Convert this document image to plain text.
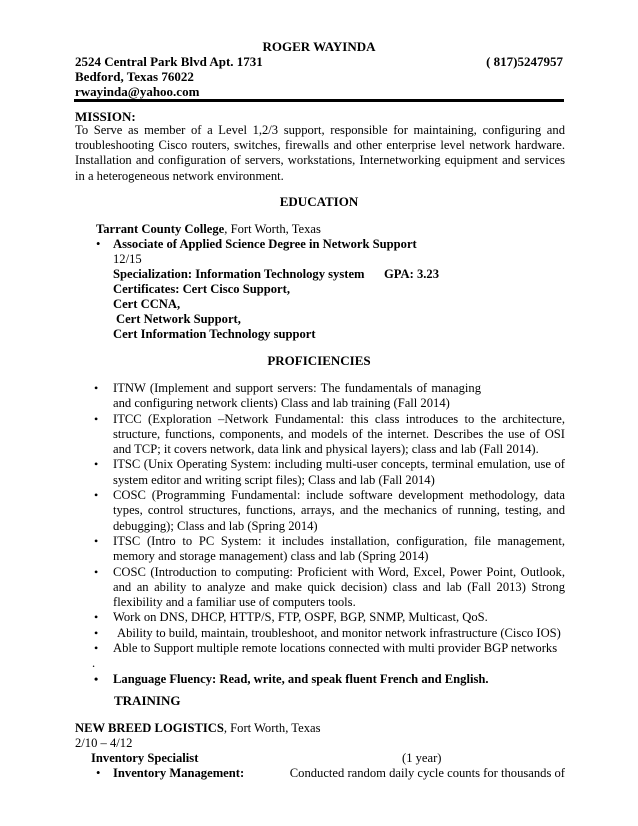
ROGER WAYINDA
2524 Central Park Blvd Apt. 1731	( 817)5247957
Bedford, Texas 76022
rwayinda@yahoo.com
MISSION:
To Serve as member of a Level 1,2/3 support, responsible for maintaining, configuring and troubleshooting Cisco routers, switches, firewalls and other enterprise level network hardware. Installation and configuration of servers, workstations, Internetworking equipment and services in a heterogeneous network environment.
EDUCATION
Tarrant County College, Fort Worth, Texas
• Associate of Applied Science Degree in Network Support
12/15
Specialization: Information Technology system GPA: 3.23
Certificates: Cert Cisco Support,
Cert CCNA,
Cert Network Support,
Cert Information Technology support
PROFICIENCIES
• ITNW (Implement and support servers: The fundamentals of managing and configuring network clients) Class and lab training (Fall 2014)
• ITCC (Exploration –Network Fundamental: this class introduces to the architecture, structure, functions, components, and models of the internet. Describes the use of OSI and TCP; it covers network, data link and physical layers); class and lab (Fall 2014).
• ITSC (Unix Operating System: including multi-user concepts, terminal emulation, use of system editor and writing script files); Class and lab (Fall 2014)
• COSC (Programming Fundamental: include software development methodology, data types, control structures, functions, arrays, and the mechanics of running, testing, and debugging); Class and lab (Spring 2014)
• ITSC (Intro to PC System: it includes installation, configuration, file management, memory and storage management) class and lab (Spring 2014)
• COSC (Introduction to computing: Proficient with Word, Excel, Power Point, Outlook, and an ability to analyze and make quick decision) class and lab (Fall 2013) Strong flexibility and a familiar use of computers tools.
• Work on DNS, DHCP, HTTP/S, FTP, OSPF, BGP, SNMP, Multicast, QoS.
• Ability to build, maintain, troubleshoot, and monitor network infrastructure (Cisco IOS)
• Able to Support multiple remote locations connected with multi provider BGP networks
.
• Language Fluency: Read, write, and speak fluent French and English.
TRAINING
NEW BREED LOGISTICS, Fort Worth, Texas
2/10 – 4/12
Inventory Specialist	(1 year)
• Inventory Management:	Conducted random daily cycle counts for thousands of
